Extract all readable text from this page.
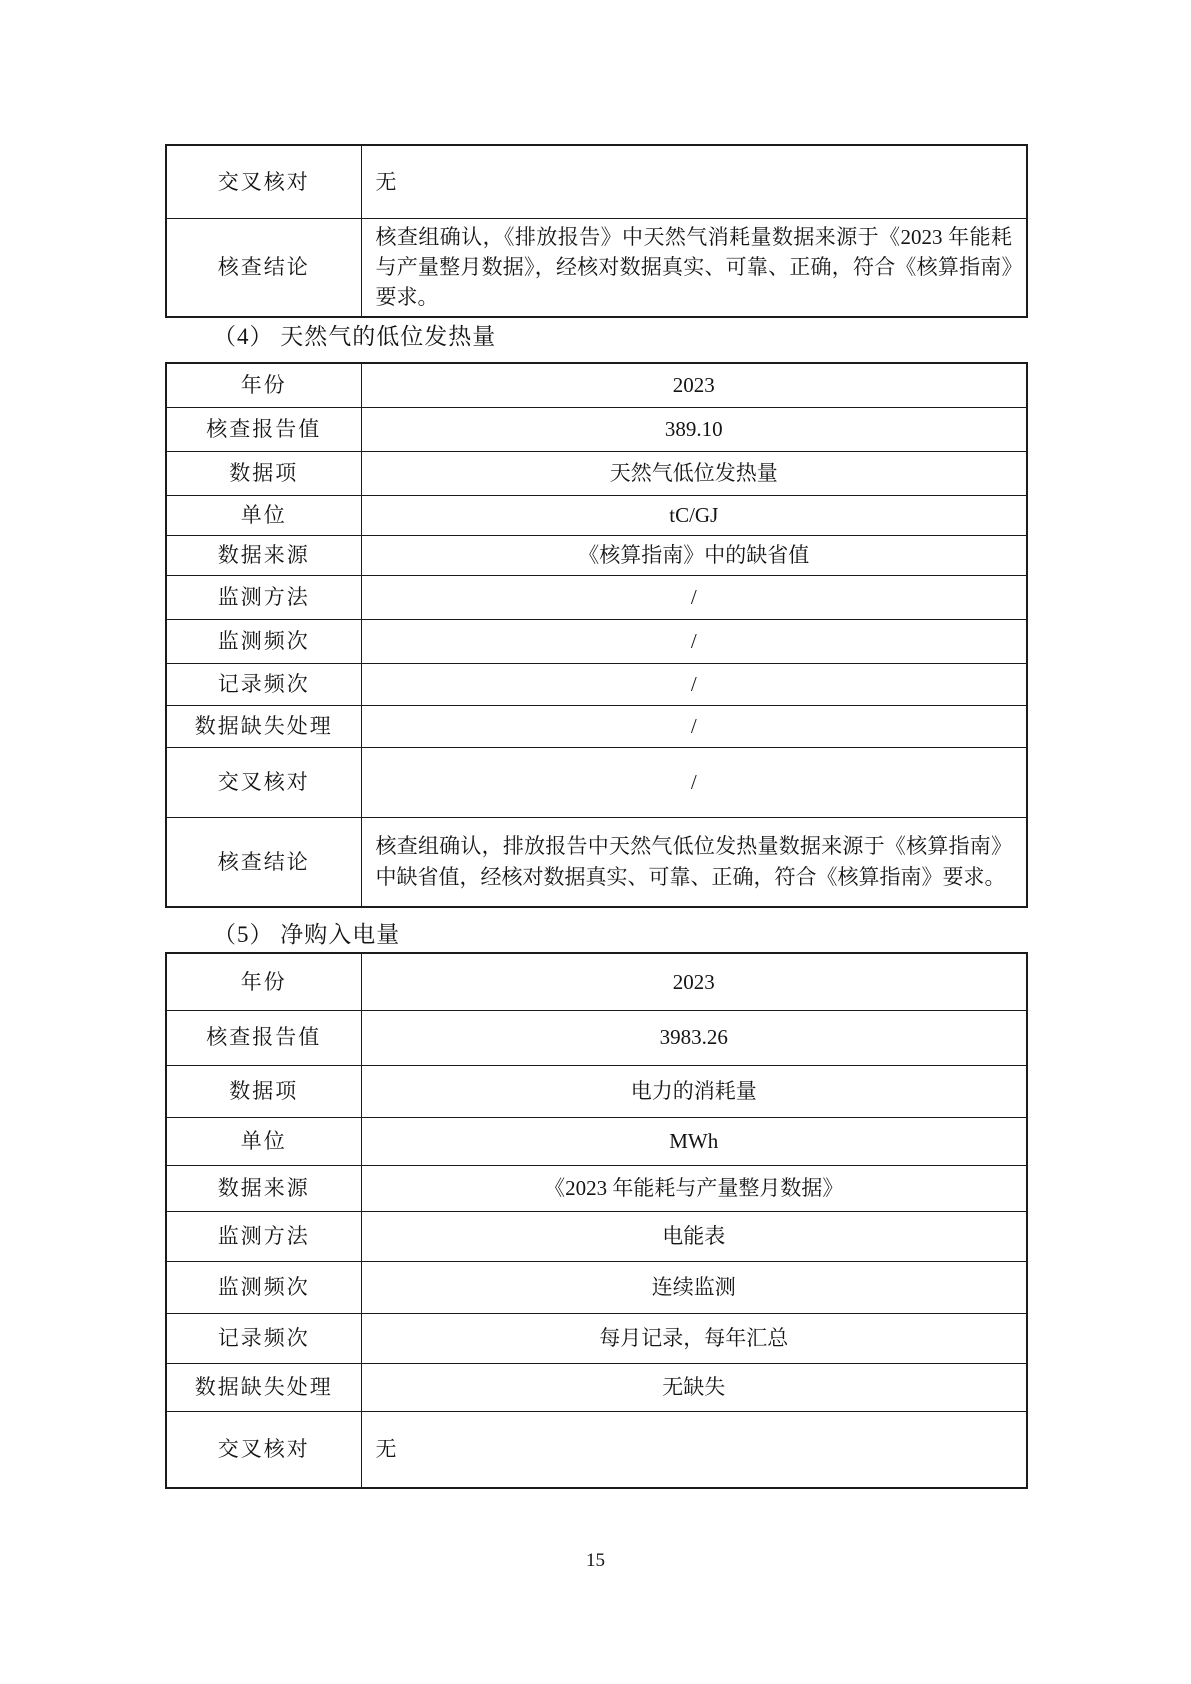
交叉核对	无
核查结论	核查组确认，《排放报告》中天然气消耗量数据来源于《2023 年能耗与产量整月数据》，经核对数据真实、可靠、正确，符合《核算指南》要求。
（4） 天然气的低位发热量
年份	2023
核查报告值	389.10
数据项	天然气低位发热量
单位	tC/GJ
数据来源	《核算指南》中的缺省值
监测方法	/
监测频次	/
记录频次	/
数据缺失处理	/
交叉核对	/
核查结论	核查组确认，排放报告中天然气低位发热量数据来源于《核算指南》中缺省值，经核对数据真实、可靠、正确，符合《核算指南》要求。
（5） 净购入电量
年份	2023
核查报告值	3983.26
数据项	电力的消耗量
单位	MWh
数据来源	《2023 年能耗与产量整月数据》
监测方法	电能表
监测频次	连续监测
记录频次	每月记录，每年汇总
数据缺失处理	无缺失
交叉核对	无
15
